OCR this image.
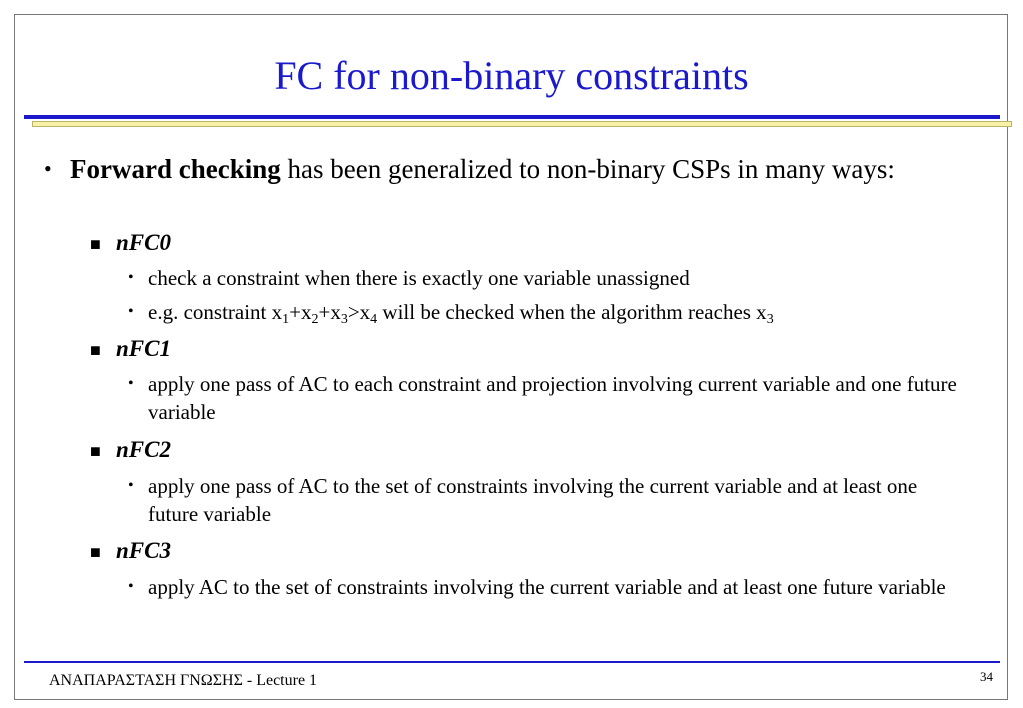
FC for non-binary constraints
• Forward checking has been generalized to non-binary CSPs in many ways:
■ nFC0
• check a constraint when there is exactly one variable unassigned
• e.g. constraint $x_1+x_2+x_3>x_4$ will be checked when the algorithm reaches $x_3$
■ nFC1
• apply one pass of AC to each constraint and projection involving current variable and one future variable
■ nFC2
• apply one pass of AC to the set of constraints involving the current variable and at least one future variable
■ nFC3
• apply AC to the set of constraints involving the current variable and at least one future variable
ΑΝΑΠΑΡΑΣΤΑΣΗ ΓΝΩΣΗΣ - Lecture 1	34
